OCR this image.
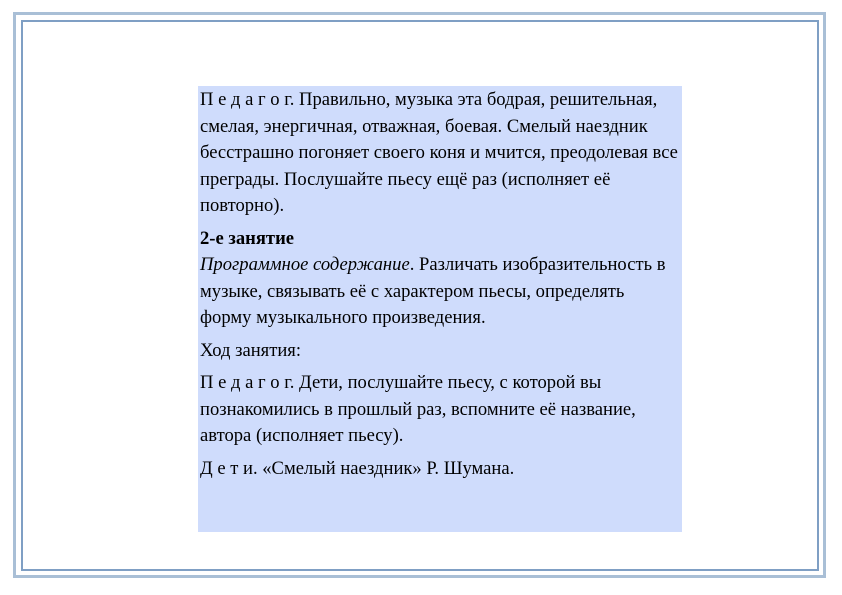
П е д а г о г. Правильно, музыка эта бодрая, решительная, смелая, энергичная, отважная, боевая. Смелый наездник бесстрашно погоняет своего коня и мчится, преодолевая все преграды. Послушайте пьесу ещё раз (исполняет её повторно).

2-е занятие

Программное содержание. Различать изобразительность в музыке, связывать её с характером пьесы, определять форму музыкального произведения.

Ход занятия:

П е д а г о г. Дети, послушайте пьесу, с которой вы познакомились в прошлый раз, вспомните её название, автора (исполняет пьесу).

Д е т и. «Смелый наездник» Р. Шумана.
